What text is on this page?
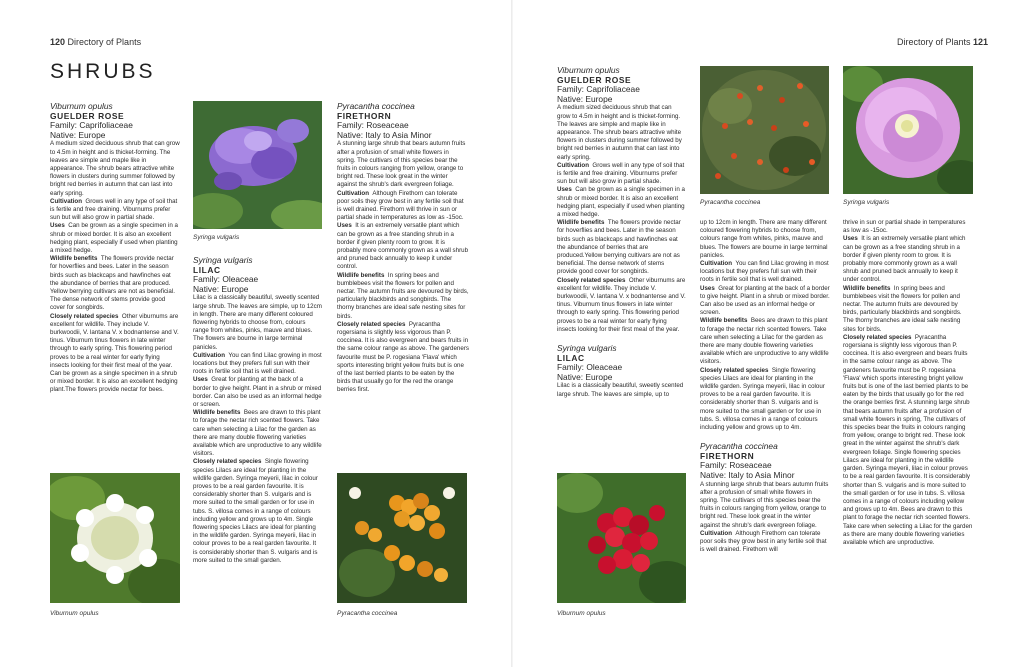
120 Directory of Plants	Directory of Plants 121
SHRUBS
Viburnum opulus
GUELDER ROSE
Family: Caprifoliaceae
Native: Europe

A medium sized deciduous shrub that can grow to 4.5m in height and is thicket-forming. The leaves are simple and maple like in appearance. The shrub bears attractive white flowers in clusters during summer followed by bright red berries in autumn that can last into early spring.

Cultivation Grows well in any type of soil that is fertile and free draining. Viburnums prefer sun but will also grow in partial shade.

Uses Can be grown as a single specimen in a shrub or mixed border. It is also an excellent hedging plant, especially if used when planting a mixed hedge.

Wildlife benefits The flowers provide nectar for hoverflies and bees. Later in the season birds such as blackcaps and hawfinches eat the abundance of berries that are produced. Yellow berrying cultivars are not as beneficial. The dense network of stems provide good cover for songbirds.

Closely related species Other viburnums are excellent for wildlife. They include V. burkwoodii, V. lantana V. x bodnantense and V. tinus. Viburnum tinus flowers in late winter through to early spring. This flowering period proves to be a real winter for early flying insects looking for their first meal of the year. Can be grown as a single specimen in a shrub or mixed border. It is also an excellent hedging plant.The flowers provide nectar for bees.

Syringa vulgaris
Syringa vulgaris
LILAC
Family: Oleaceae
Native: Europe

Lilac is a classically beautiful, sweetly scented large shrub. The leaves are simple, up to 12cm in length. There are many different coloured flowering hybrids to choose from, colours range from whites, pinks, mauve and blues. The flowers are bourne in large terminal panicles.

Cultivation You can find Lilac growing in most locations but they prefers full sun with their roots in fertile soil that is well drained.

Uses Great for planting at the back of a border to give height. Plant in a shrub or mixed border. Can also be used as an informal hedge or screen.

Wildlife benefits Bees are drawn to this plant to forage the nectar rich scented flowers. Take care when selecting a Lilac for the garden as there are many double flowering varieties available which are unproductive to any wildlife visitors.

Closely related species Single flowering species Lilacs are ideal for planting in the wildlife garden. Syringa meyerii, lilac in colour proves to be a real garden favourite. It is considerably shorter than S. vulgaris and is more suited to the small garden or for use in tubs. S. villosa comes in a range of colours including yellow and grows up to 4m. Single flowering species Lilacs are ideal for planting in the wildlife garden. Syringa meyerii, lilac in colour proves to be a real garden favourite. It is considerably shorter than S. vulgaris and is more suited to the small garden.

Viburnum opulus
Pyracantha coccinea
FIRETHORN
Family: Roseaceae
Native: Italy to Asia Minor

A stunning large shrub that bears autumn fruits after a profusion of small white flowers in spring. The cultivars of this species bear the fruits in colours ranging from yellow, orange to bright red. These look great in the winter against the shrub's dark evergreen foliage.

Cultivation Although Firethorn can tolerate poor soils they grow best in any fertile soil that is well drained. Firethorn will thrive in sun or partial shade in temperatures as low as -15oc.

Uses It is an extremely versatile plant which can be grown as a free standing shrub in a border if given plenty room to grow. It is probably more commonly grown as a wall shrub and pruned back annually to keep it under control.

Wildlife benefits In spring bees and bumblebees visit the flowers for pollen and nectar. The autumn fruits are devoured by birds, particularly blackbirds and songbirds. The thorny branches are ideal safe nesting sites for birds.

Closely related species Pyracantha rogersiana is slightly less vigorous than P. coccinea. It is also evergreen and bears fruits in the same colour range as above. The gardeners favourite must be P. rogesiana 'Flava' which sports interesting bright yellow fruits but is one of the last berried plants to be eaten by the birds that usually go for the red the orange berries first.

Pyracantha coccinea
Viburnum opulus
GUELDER ROSE
Family: Caprifoliaceae
Native: Europe

A medium sized deciduous shrub that can grow to 4.5m in height and is thicket-forming. The leaves are simple and maple like in appearance. The shrub bears attractive white flowers in clusters during summer followed by bright red berries in autumn that can last into early spring.

Cultivation Grows well in any type of soil that is fertile and free draining. Viburnums prefer sun but will also grow in partial shade.

Uses Can be grown as a single specimen in a shrub or mixed border. It is also an excellent hedging plant, especially if used when planting a mixed hedge.

Wildlife benefits The flowers provide nectar for hoverflies and bees. Later in the season birds such as blackcaps and hawfinches eat the abundance of berries that are produced.Yellow berrying cultivars are not as beneficial. The dense network of stems provide good cover for songbirds.

Closely related species Other viburnums are excellent for wildlife. They include V. burkwoodii, V. lantana V. x bodnantense and V. tinus. Viburnum tinus flowers in late winter through to early spring. This flowering period proves to be a real winter for early flying insects looking for their first meal of the year.

Syringa vulgaris
LILAC
Family: Oleaceae
Native: Europe

Lilac is a classically beautiful, sweetly scented large shrub. The leaves are simple, up to

Viburnum opulus
Pyracantha coccinea

up to 12cm in length. There are many different coloured flowering hybrids to choose from, colours range from whites, pinks, mauve and blues. The flowers are bourne in large terminal panicles.

Cultivation You can find Lilac growing in most locations but they prefers full sun with their roots in fertile soil that is well drained.

Uses Great for planting at the back of a border to give height. Plant in a shrub or mixed border. Can also be used as an informal hedge or screen.

Wildlife benefits Bees are drawn to this plant to forage the nectar rich scented flowers. Take care when selecting a Lilac for the garden as there are many double flowering varieties available which are unproductive to any wildlife visitors.

Closely related species Single flowering species Lilacs are ideal for planting in the wildlife garden. Syringa meyerii, lilac in colour proves to be a real garden favourite. It is considerably shorter than S. vulgaris and is more suited to the small garden or for use in tubs. S. villosa comes in a range of colours including yellow and grows up to 4m.

Pyracantha coccinea
FIRETHORN
Family: Roseaceae
Native: Italy to Asia Minor

A stunning large shrub that bears autumn fruits after a profusion of small white flowers in spring. The cultivars of this species bear the fruits in colours ranging from yellow, orange to bright red. These look great in the winter against the shrub's dark evergreen foliage.

Cultivation Although Firethorn can tolerate poor soils they grow best in any fertile soil that is well drained. Firethorn will

Syringa vulgaris

thrive in sun or partial shade in temperatures as low as -15oc.

Uses It is an extremely versatile plant which can be grown as a free standing shrub in a border if given plenty room to grow. It is probably more commonly grown as a wall shrub and pruned back annually to keep it under control.

Wildlife benefits In spring bees and bumblebees visit the flowers for pollen and nectar. The autumn fruits are devoured by birds, particularly blackbirds and songbirds. The thorny branches are ideal safe nesting sites for birds.

Closely related species Pyracantha rogersiana is slightly less vigorous than P. coccinea. It is also evergreen and bears fruits in the same colour range as above. The gardeners favourite must be P. rogesiana 'Flava' which sports interesting bright yellow fruits but is one of the last berried plants to be eaten by the birds that usually go for the red the orange berries first. A stunning large shrub that bears autumn fruits after a profusion of small white flowers in spring, The cultivars of this species bear the fruits in colours ranging from yellow, orange to bright red. These look great in the winter against the shrub's dark evergreen foliage. Single flowering species Lilacs are ideal for planting in the wildlife garden. Syringa meyerii, lilac in colour proves to be a real garden favourite. It is considerably shorter than S. vulgaris and is more suited to the small garden or for use in tubs. S. villosa comes in a range of colours including yellow and grows up to 4m. Bees are drawn to this plant to forage the nectar rich scented flowers. Take care when selecting a Lilac for the garden as there are many double flowering varieties available which are unproductive.
